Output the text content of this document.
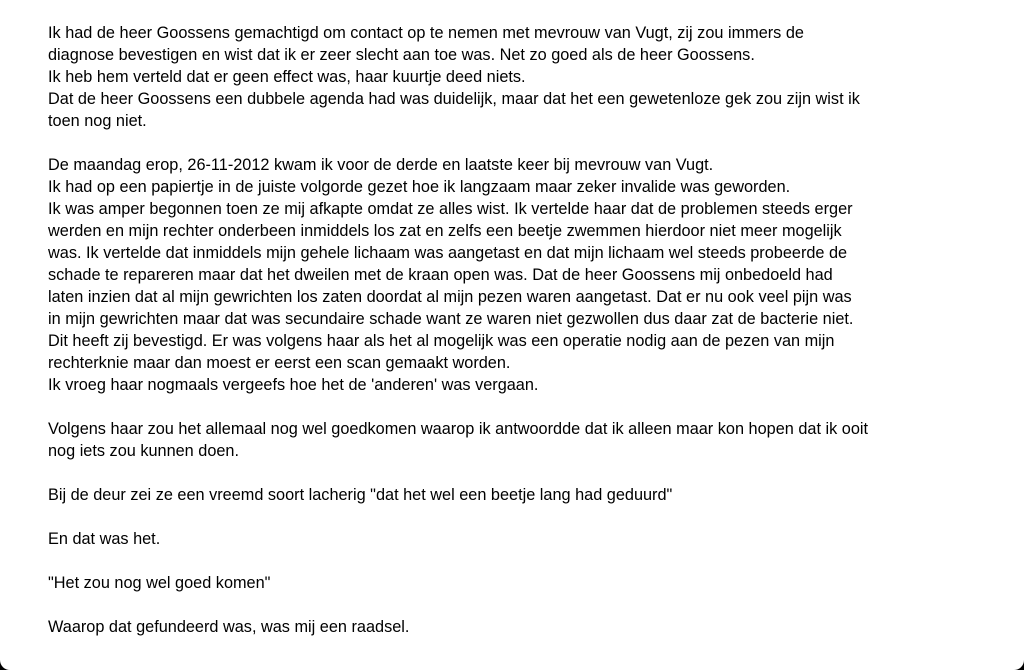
Ik had de heer Goossens gemachtigd om contact op te nemen met mevrouw van Vugt, zij zou immers de
diagnose bevestigen en wist dat ik er zeer slecht aan toe was. Net zo goed als de heer Goossens.
Ik heb hem verteld dat er geen effect was, haar kuurtje deed niets.
Dat de heer Goossens een dubbele agenda had was duidelijk, maar dat het een gewetenloze gek zou zijn wist ik
toen nog niet.
De maandag erop, 26-11-2012 kwam ik voor de derde en laatste keer bij mevrouw van Vugt.
Ik had op een papiertje in de juiste volgorde gezet hoe ik langzaam maar zeker invalide was geworden.
Ik was amper begonnen toen ze mij afkapte omdat ze alles wist. Ik vertelde haar dat de problemen steeds erger
werden en mijn rechter onderbeen inmiddels los zat en zelfs een beetje zwemmen hierdoor niet meer mogelijk
was. Ik vertelde dat inmiddels mijn gehele lichaam was aangetast en dat mijn lichaam wel steeds probeerde de
schade te repareren maar dat het dweilen met de kraan open was. Dat de heer Goossens mij onbedoeld had
laten inzien dat al mijn gewrichten los zaten doordat al mijn pezen waren aangetast. Dat er nu ook veel pijn was
in mijn gewrichten maar dat was secundaire schade want ze waren niet gezwollen dus daar zat de bacterie niet.
Dit heeft zij bevestigd. Er was volgens haar als het al mogelijk was een operatie nodig aan de pezen van mijn
rechterknie maar dan moest er eerst een scan gemaakt worden.
Ik vroeg haar nogmaals vergeefs hoe het de 'anderen' was vergaan.
Volgens haar zou het allemaal nog wel goedkomen waarop ik antwoordde dat ik alleen maar kon hopen dat ik ooit
nog iets zou kunnen doen.
Bij de deur zei ze een vreemd soort lacherig "dat het wel een beetje lang had geduurd"
En dat was het.
"Het zou nog wel goed komen"
Waarop dat gefundeerd was, was mij een raadsel.
